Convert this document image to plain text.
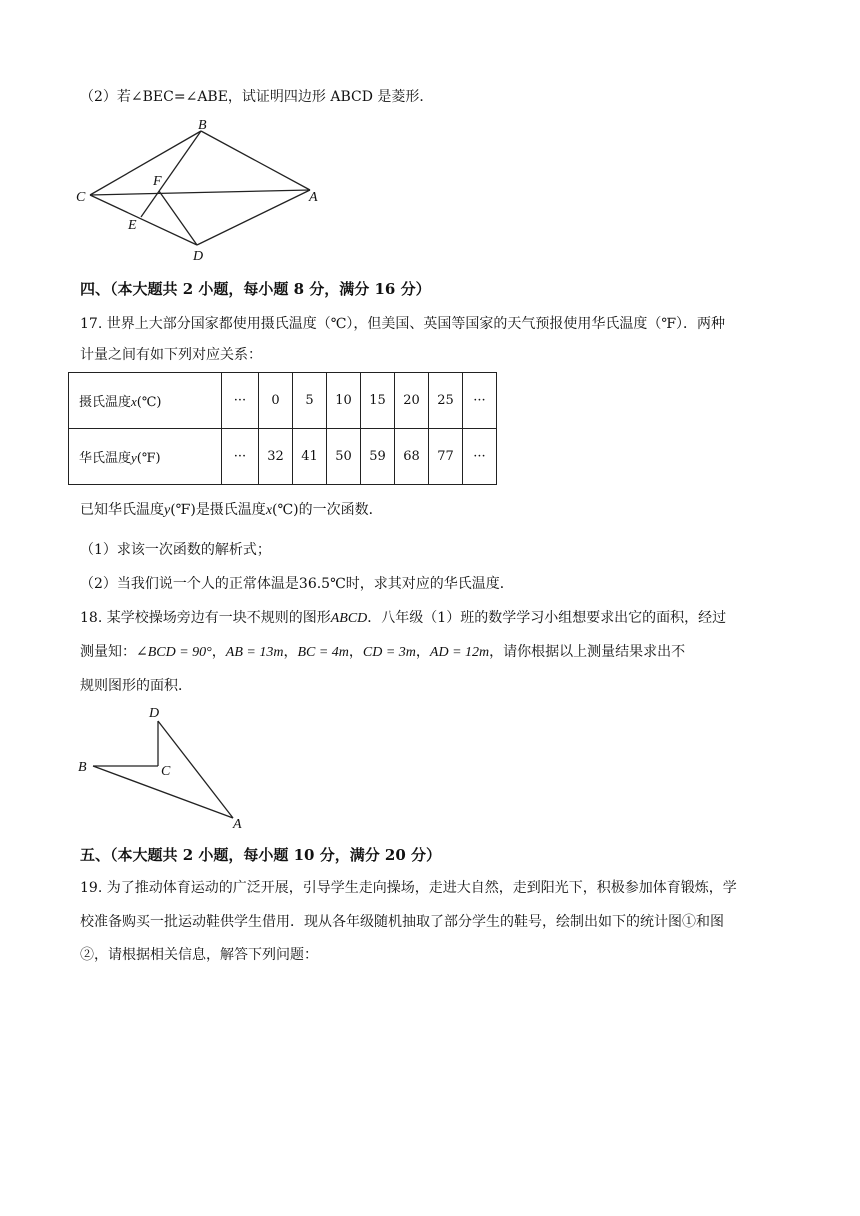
（2）若∠BEC=∠ABE，试证明四边形 ABCD 是菱形．
B
C
F
A
E
D
四、（本大题共 2 小题，每小题 8 分，满分 16 分）
17. 世界上大部分国家都使用摄氏温度（℃），但美国、英国等国家的天气预报使用华氏温度（℉）．两种
计量之间有如下列对应关系：
摄氏温度x(℃)	···	0	5	10	15	20	25	···
华氏温度y(℉)	···	32	41	50	59	68	77	···
已知华氏温度y(℉)是摄氏温度x(℃)的一次函数．
（1）求该一次函数的解析式；
（2）当我们说一个人的正常体温是36.5℃时，求其对应的华氏温度．
18. 某学校操场旁边有一块不规则的图形ABCD．八年级（1）班的数学学习小组想要求出它的面积，经过
测量知：∠BCD = 90°，AB = 13m，BC = 4m，CD = 3m，AD = 12m，请你根据以上测量结果求出不
规则图形的面积．
D
B	C
A
五、（本大题共 2 小题，每小题 10 分，满分 20 分）
19. 为了推动体育运动的广泛开展，引导学生走向操场，走进大自然，走到阳光下，积极参加体育锻炼，学
校准备购买一批运动鞋供学生借用．现从各年级随机抽取了部分学生的鞋号，绘制出如下的统计图①和图
②，请根据相关信息，解答下列问题：
